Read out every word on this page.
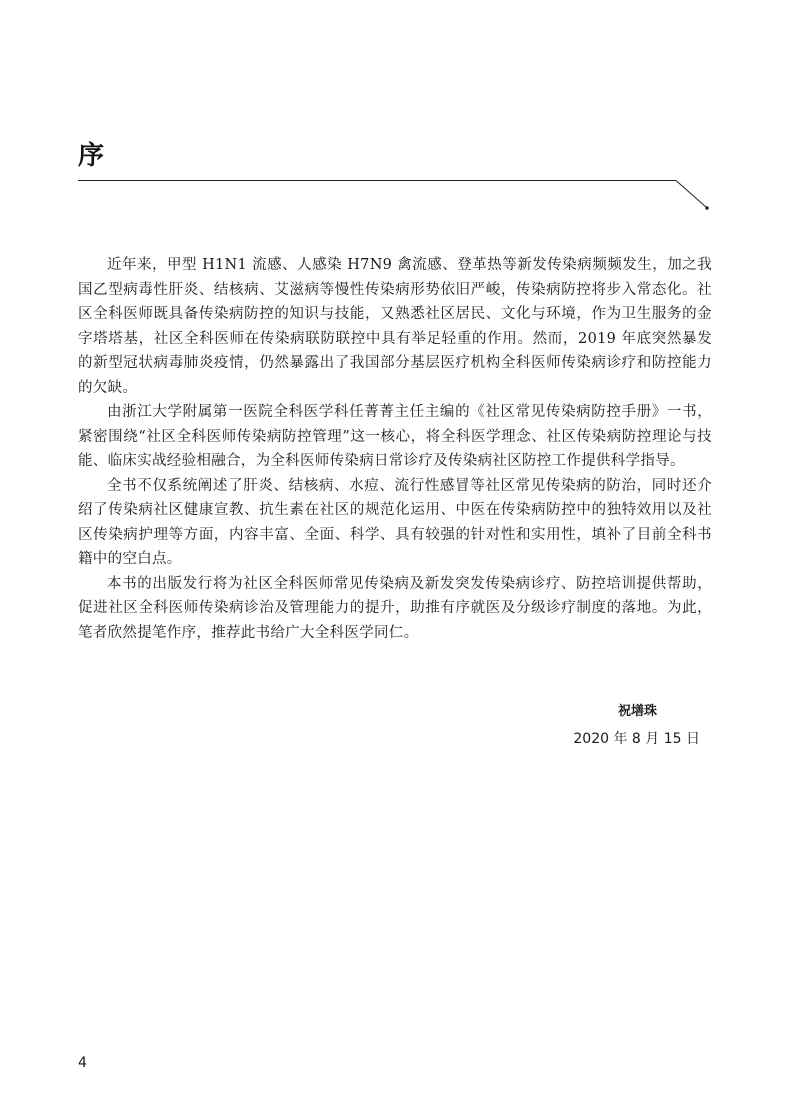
序

近年来，甲型 H1N1 流感、人感染 H7N9 禽流感、登革热等新发传染病频频发生，加之我国乙型病毒性肝炎、结核病、艾滋病等慢性传染病形势依旧严峻，传染病防控将步入常态化。社区全科医师既具备传染病防控的知识与技能，又熟悉社区居民、文化与环境，作为卫生服务的金字塔塔基，社区全科医师在传染病联防联控中具有举足轻重的作用。然而，2019 年底突然暴发的新型冠状病毒肺炎疫情，仍然暴露出了我国部分基层医疗机构全科医师传染病诊疗和防控能力的欠缺。

由浙江大学附属第一医院全科医学科任菁菁主任主编的《社区常见传染病防控手册》一书，紧密围绕“社区全科医师传染病防控管理”这一核心，将全科医学理念、社区传染病防控理论与技能、临床实战经验相融合，为全科医师传染病日常诊疗及传染病社区防控工作提供科学指导。

全书不仅系统阐述了肝炎、结核病、水痘、流行性感冒等社区常见传染病的防治，同时还介绍了传染病社区健康宣教、抗生素在社区的规范化运用、中医在传染病防控中的独特效用以及社区传染病护理等方面，内容丰富、全面、科学、具有较强的针对性和实用性，填补了目前全科书籍中的空白点。

本书的出版发行将为社区全科医师常见传染病及新发突发传染病诊疗、防控培训提供帮助，促进社区全科医师传染病诊治及管理能力的提升，助推有序就医及分级诊疗制度的落地。为此，笔者欣然提笔作序，推荐此书给广大全科医学同仁。

祝墡珠
2020 年 8 月 15 日
4
